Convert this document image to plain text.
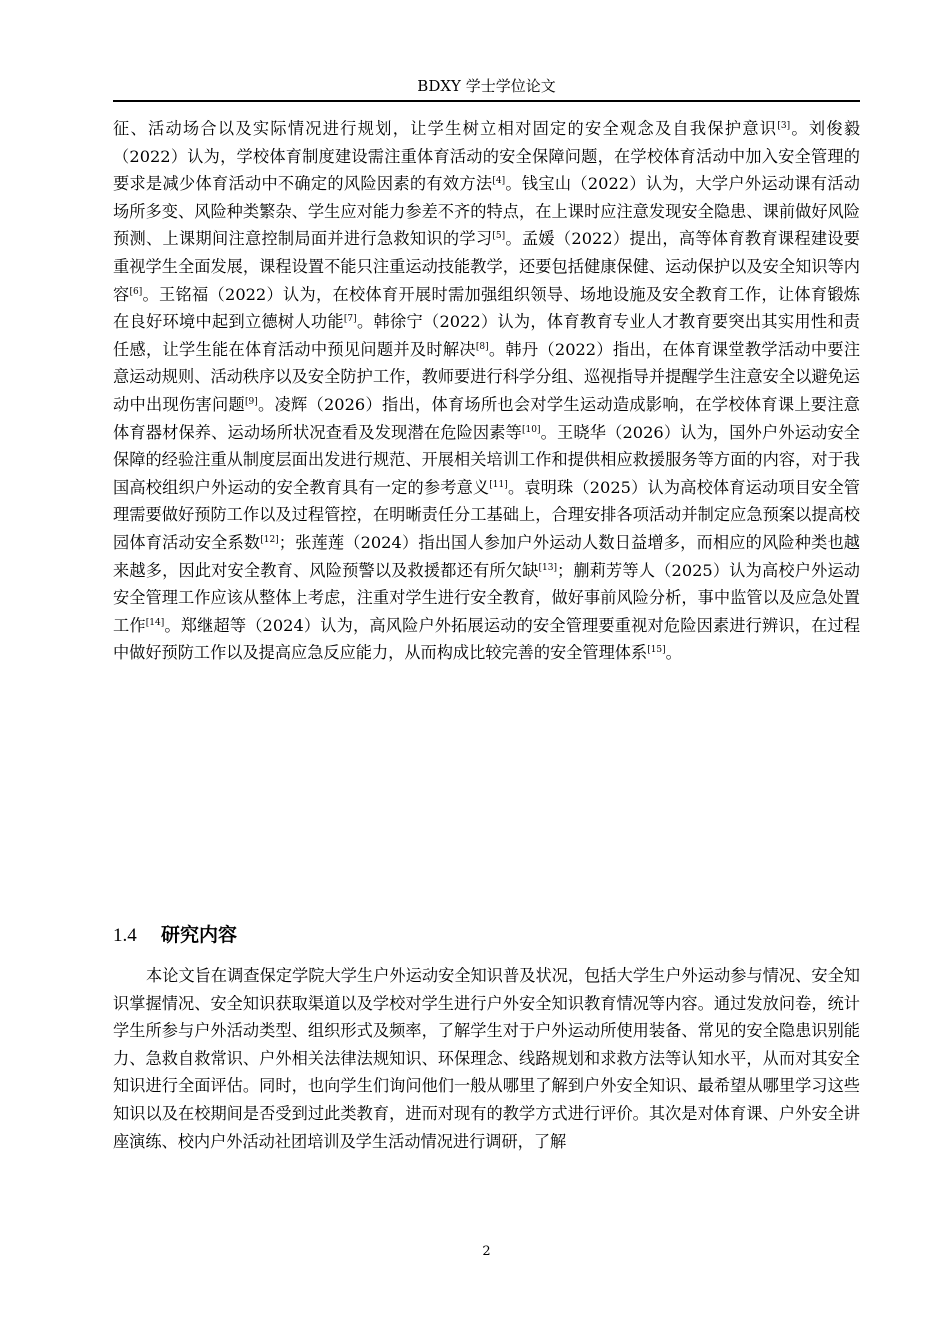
BDXY 学士学位论文

征、活动场合以及实际情况进行规划，让学生树立相对固定的安全观念及自我保护意识[3]。刘俊毅（2022）认为，学校体育制度建设需注重体育活动的安全保障问题，在学校体育活动中加入安全管理的要求是减少体育活动中不确定的风险因素的有效方法[4]。钱宝山（2022）认为，大学户外运动课有活动场所多变、风险种类繁杂、学生应对能力参差不齐的特点，在上课时应注意发现安全隐患、课前做好风险预测、上课期间注意控制局面并进行急救知识的学习[5]。孟媛（2022）提出，高等体育教育课程建设要重视学生全面发展，课程设置不能只注重运动技能教学，还要包括健康保健、运动保护以及安全知识等内容[6]。王铭福（2022）认为，在校体育开展时需加强组织领导、场地设施及安全教育工作，让体育锻炼在良好环境中起到立德树人功能[7]。韩徐宁（2022）认为，体育教育专业人才教育要突出其实用性和责任感，让学生能在体育活动中预见问题并及时解决[8]。韩丹（2022）指出，在体育课堂教学活动中要注意运动规则、活动秩序以及安全防护工作，教师要进行科学分组、巡视指导并提醒学生注意安全以避免运动中出现伤害问题[9]。凌辉（2026）指出，体育场所也会对学生运动造成影响，在学校体育课上要注意体育器材保养、运动场所状况查看及发现潜在危险因素等[10]。王晓华（2026）认为，国外户外运动安全保障的经验注重从制度层面出发进行规范、开展相关培训工作和提供相应救援服务等方面的内容，对于我国高校组织户外运动的安全教育具有一定的参考意义[11]。袁明珠（2025）认为高校体育运动项目安全管理需要做好预防工作以及过程管控，在明晰责任分工基础上，合理安排各项活动并制定应急预案以提高校园体育活动安全系数[12]；张莲莲（2024）指出国人参加户外运动人数日益增多，而相应的风险种类也越来越多，因此对安全教育、风险预警以及救援都还有所欠缺[13]；蒯莉芳等人（2025）认为高校户外运动安全管理工作应该从整体上考虑，注重对学生进行安全教育，做好事前风险分析，事中监管以及应急处置工作[14]。郑继超等（2024）认为，高风险户外拓展运动的安全管理要重视对危险因素进行辨识，在过程中做好预防工作以及提高应急反应能力，从而构成比较完善的安全管理体系[15]。

1.4 研究内容

本论文旨在调查保定学院大学生户外运动安全知识普及状况，包括大学生户外运动参与情况、安全知识掌握情况、安全知识获取渠道以及学校对学生进行户外安全知识教育情况等内容。通过发放问卷，统计学生所参与户外活动类型、组织形式及频率，了解学生对于户外运动所使用装备、常见的安全隐患识别能力、急救自救常识、户外相关法律法规知识、环保理念、线路规划和求救方法等认知水平，从而对其安全知识进行全面评估。同时，也向学生们询问他们一般从哪里了解到户外安全知识、最希望从哪里学习这些知识以及在校期间是否受到过此类教育，进而对现有的教学方式进行评价。其次是对体育课、户外安全讲座演练、校内户外活动社团培训及学生活动情况进行调研，了解

2
